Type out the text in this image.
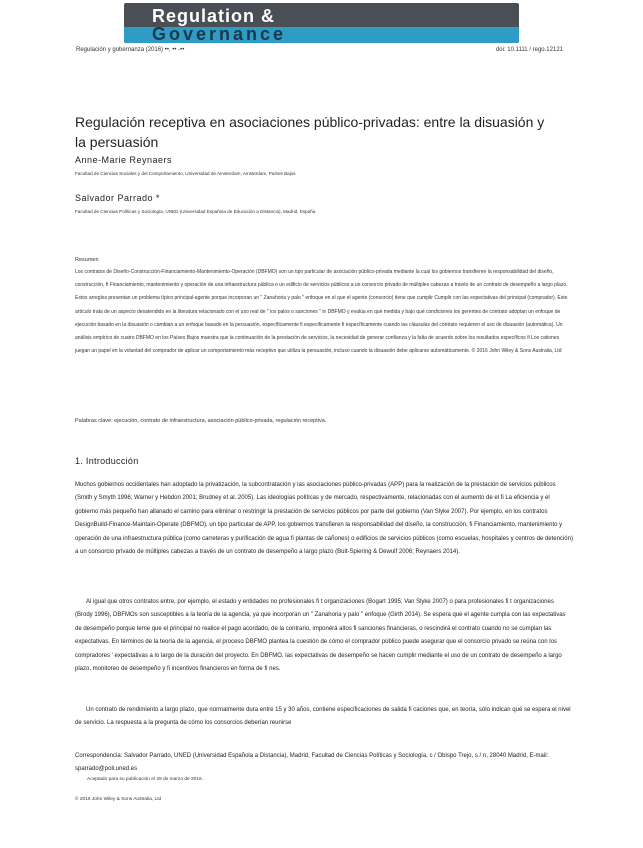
Regulation &
Governance
Regulación y gobernanza (2016) ••, •• -••	doi: 10.1111 / rego.12121
Regulación receptiva en asociaciones público-privadas: entre la disuasión y la persuasión
Anne-Marie Reynaers
Facultad de Ciencias Sociales y del Comportamiento, Universidad de Amsterdam, Amsterdam, Países Bajos
Salvador Parrado *
Facultad de Ciencias Políticas y Sociología, UNED (Universidad Española de Educación a Distancia), Madrid, España
Resumen

Los contratos de Diseño-Construcción-Financiamiento-Mantenimiento-Operación (DBFMO) son un tipo particular de asociación público-privada mediante la cual los gobiernos transfieren la responsabilidad del diseño, construcción, fi Financiamiento, mantenimiento y operación de una infraestructura pública o un edificio de servicios públicos a un consorcio privado de múltiples cabezas a través de un contrato de desempeño a largo plazo. Estos arreglos presentan un problema típico principal-agente porque incorporan un " Zanahoria y palo " enfoque en el que el agente (consorcio) tiene que cumplir Cumplir con las expectativas del principal (comprador). Este artículo trata de un aspecto desatendido en la literatura relacionado con el uso real de " los palos o sanciones " in DBFMO y evalúa en qué medida y bajo qué condiciones los gerentes de contrato adoptan un enfoque de ejecución basado en la disuasión o cambian a un enfoque basado en la persuasión, específicamente fi específicamente fi específicamente cuando las cláusulas del contrato requieren el uso de disuasión (automática). Un análisis empírico de cuatro DBFMO en los Países Bajos muestra que la continuación de la prestación de servicios, la necesidad de generar confianza y la falta de acuerdo sobre los resultados específicos fi Los cationes juegan un papel en la voluntad del comprador de aplicar un comportamiento más receptivo que utiliza la persuasión, incluso cuando la disuasión debe aplicarse automáticamente. © 2016 John Wiley & Sons Australia, Ltd

Palabras clave: ejecución, contrato de infraestructura, asociación público-privada, regulación receptiva.
1. Introducción

Muchos gobiernos occidentales han adoptado la privatización, la subcontratación y las asociaciones público-privadas (APP) para la realización de la prestación de servicios públicos (Smith y Smyth 1996; Warner y Hebdon 2001; Brudney et al. 2005). Las ideologías políticas y de mercado, respectivamente, relacionadas con el aumento de el fi La eficiencia y el gobierno más pequeño han allanado el camino para eliminar o restringir la prestación de servicios públicos por parte del gobierno (Van Slyke 2007). Por ejemplo, en los contratos DesignBuild-Finance-Maintain-Operate (DBFMO), un tipo particular de APP, los gobiernos transfieren la responsabilidad del diseño, la construcción, fi Financiamiento, mantenimiento y operación de una infraestructura pública (como carreteras y purificación de agua fi plantas de cañones) o edificios de servicios públicos (como escuelas, hospitales y centros de detención) a un consorcio privado de múltiples cabezas a través de un contrato de desempeño a largo plazo (Bult-Spiering & Dewulf 2006; Reynaers 2014).

Al igual que otros contratos entre, por ejemplo, el estado y entidades no profesionales fi t organizaciones (Bogart 1995; Van Slyke 2007) o para profesionales fi t organizaciones (Brody 1996), DBFMOs son susceptibles a la teoría de la agencia, ya que incorporan un " Zanahoria y palo " enfoque (Girth 2014). Se espera que el agente cumpla con las expectativas de desempeño porque teme que el principal no realice el pago acordado, de la contrario, imponérá altos fi sanciones financieras, o rescindirá el contrato cuando no se cumplan las expectativas. En términos de la teoría de la agencia, el proceso DBFMO plantea la cuestión de cómo el comprador público puede asegurar que el consorcio privado se reúna con los compradores ' expectativas a lo largo de la duración del proyecto. En DBFMO, las expectativas de desempeño se hacen cumplir mediante el uso de un contrato de desempeño a largo plazo, monitoreo de desempeño y fi incentivos financieros en forma de fi nes.

Un contrato de rendimiento a largo plazo, que normalmente dura entre 15 y 30 años, contiene especificaciones de salida fi caciones que, en teoría, sólo indican qué se espera el nivel de servicio. La respuesta a la pregunta de cómo los consorcios deberían reunirse

Correspondencia: Salvador Parrado, UNED (Universidad Española a Distancia), Madrid, Facultad de Ciencias Políticas y Sociología, c / Obispo Trejo, s / n, 28040 Madrid, E-mail: sparrado@poli.uned.es

Aceptado para su publicación el 29 de marzo de 2016.
© 2016 John Wiley & Sons Australia, Ltd
